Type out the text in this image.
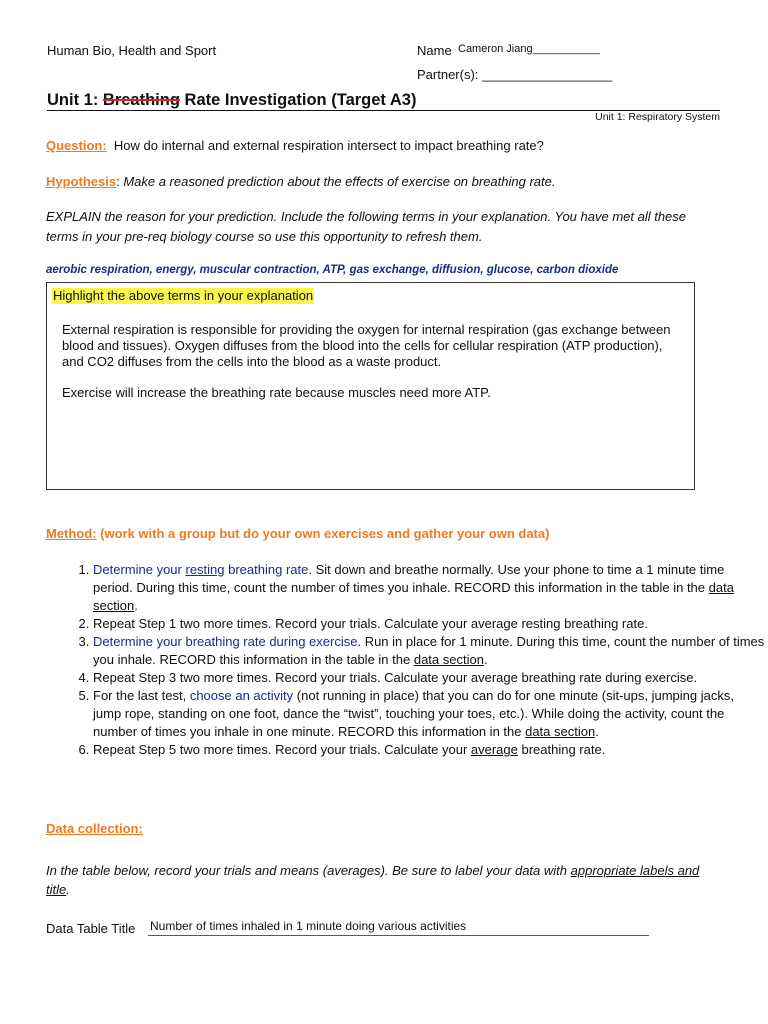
Human Bio, Health and Sport	Name Cameron Jiang___________
Partner(s): __________________
Unit 1: Breathing Rate Investigation (Target A3)
Unit 1: Respiratory System
Question: How do internal and external respiration intersect to impact breathing rate?
Hypothesis: Make a reasoned prediction about the effects of exercise on breathing rate.
EXPLAIN the reason for your prediction. Include the following terms in your explanation. You have met all these terms in your pre-req biology course so use this opportunity to refresh them.
aerobic respiration, energy, muscular contraction, ATP, gas exchange, diffusion, glucose, carbon dioxide
Highlight the above terms in your explanation
External respiration is responsible for providing the oxygen for internal respiration (gas exchange between blood and tissues). Oxygen diffuses from the blood into the cells for cellular respiration (ATP production), and CO2 diffuses from the cells into the blood as a waste product.
Exercise will increase the breathing rate because muscles need more ATP.
Method: (work with a group but do your own exercises and gather your own data)
1. Determine your resting breathing rate. Sit down and breathe normally. Use your phone to time a 1 minute time period. During this time, count the number of times you inhale. RECORD this information in the table in the data section.
2. Repeat Step 1 two more times. Record your trials. Calculate your average resting breathing rate.
3. Determine your breathing rate during exercise. Run in place for 1 minute. During this time, count the number of times you inhale. RECORD this information in the table in the data section.
4. Repeat Step 3 two more times. Record your trials. Calculate your average breathing rate during exercise.
5. For the last test, choose an activity (not running in place) that you can do for one minute (sit-ups, jumping jacks, jump rope, standing on one foot, dance the “twist”, touching your toes, etc.). While doing the activity, count the number of times you inhale in one minute. RECORD this information in the data section.
6. Repeat Step 5 two more times. Record your trials. Calculate your average breathing rate.
Data collection:
In the table below, record your trials and means (averages). Be sure to label your data with appropriate labels and title.
Data Table Title Number of times inhaled in 1 minute doing various activities
